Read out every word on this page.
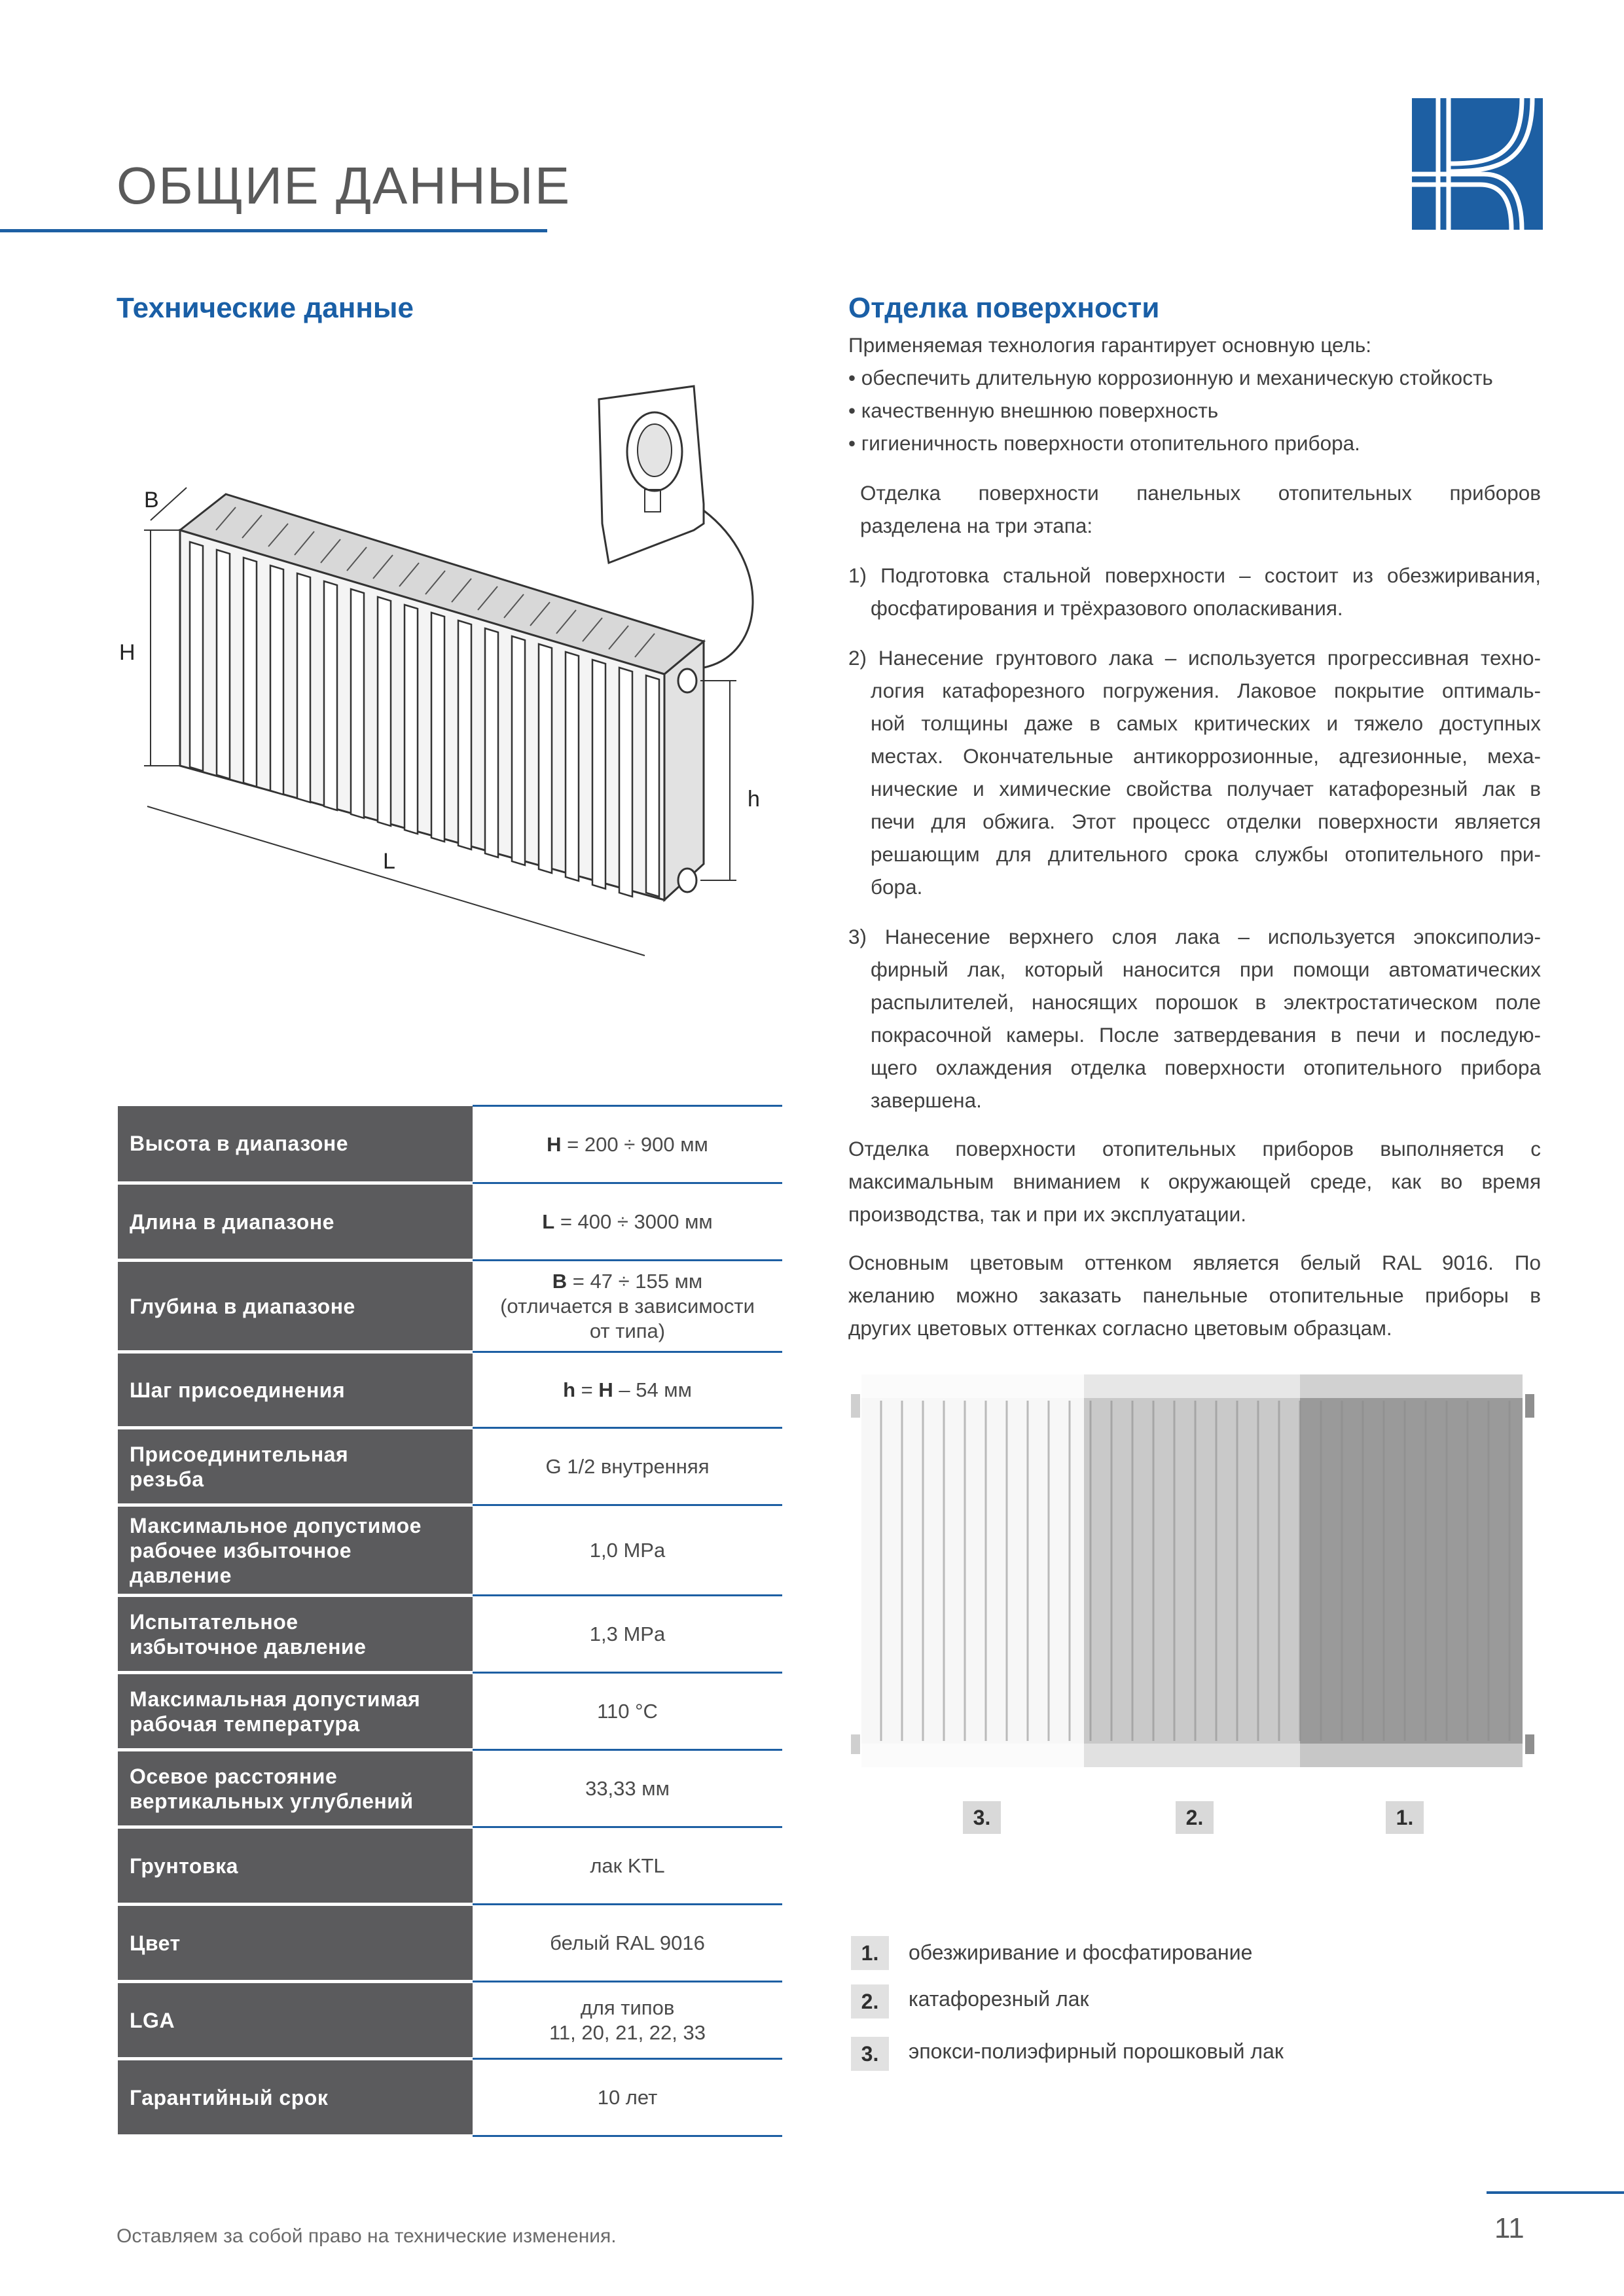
ОБЩИЕ ДАННЫЕ
Технические данные
B
H
L
h
Высота в диапазоне	H = 200 ÷ 900 мм
Длина в диапазоне	L = 400 ÷ 3000 мм
Глубина в диапазоне	B = 47 ÷ 155 мм
(отличается в зависимости
от типа)

Шаг присоединения	h = H – 54 мм

Присоединительная
резьба	G 1/2 внутренняя

Максимальное допустимое
рабочее избыточное
давление	1,0 MPa

Испытательное
избыточное давление	1,3 MPa

Максимальная допустимая
рабочая температура	110 °C

Осевое расстояние
вертикальных углублений	33,33 мм
Грунтовка	лак KTL
Цвет	белый RAL 9016
LGA	для типов
11, 20, 21, 22, 33

Гарантийный срок	10 лет
Отделка поверхности
Применяемая технология гарантирует основную цель:
• обеспечить длительную коррозионную и механическую стойкость
• качественную внешнюю поверхность
• гигиеничность поверхности отопительного прибора.
Отделка поверхности панельных отопительных приборов
разделена на три этапа:
1) Подготовка стальной поверхности – состоит из обезжиривания,
фосфатирования и трёхразового ополаскивания.
2) Нанесение грунтового лака – используется прогрессивная техно-
логия катафорезного погружения. Лаковое покрытие оптималь-
ной толщины даже в самых критических и тяжело доступных
местах. Окончательные антикоррозионные, адгезионные, меха-
нические и химические свойства получает катафорезный лак в
печи для обжига. Этот процесс отделки поверхности является
решающим для длительного срока службы отопительного при-
бора.
3) Нанесение верхнего слоя лака – используется эпоксиполиэ-
фирный лак, который наносится при помощи автоматических
распылителей, наносящих порошок в электростатическом поле
покрасочной камеры. После затвердевания в печи и последую-
щего охлаждения отделка поверхности отопительного прибора
завершена.
Отделка поверхности отопительных приборов выполняется с
максимальным вниманием к окружающей среде, как во время
производства, так и при их эксплуатации.
Основным цветовым оттенком является белый RAL 9016. По
желанию можно заказать панельные отопительные приборы в
других цветовых оттенках согласно цветовым образцам.
3.	2.	1.
1.	обезжиривание и фосфатирование
2.	катафорезный лак
3.	эпокси-полиэфирный порошковый лак
Оставляем за собой право на технические изменения.	11
